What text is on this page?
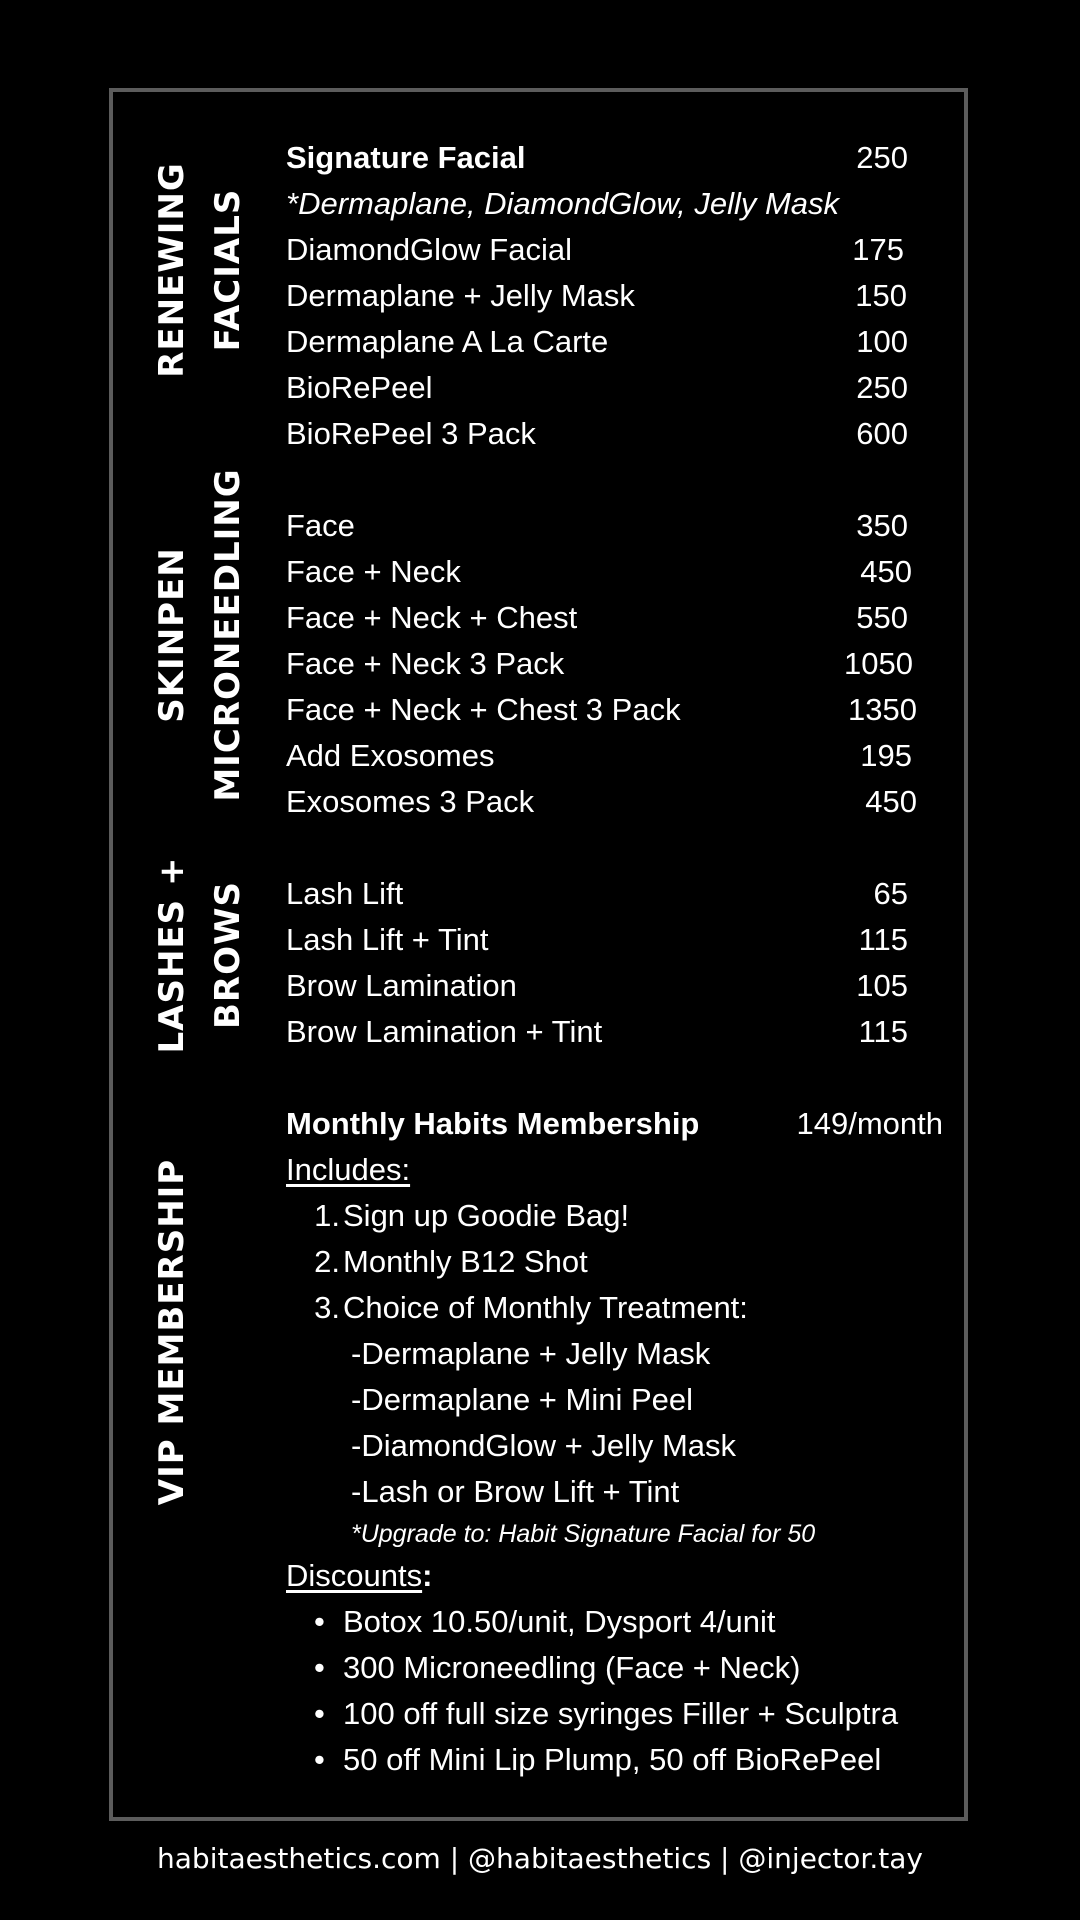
RENEWING FACIALS
SKINPEN MICRONEEDLING
LASHES + BROWS
VIP MEMBERSHIP
Signature Facial	250
*Dermaplane, DiamondGlow, Jelly Mask
DiamondGlow Facial	175
Dermaplane + Jelly Mask	150
Dermaplane A La Carte	100
BioRePeel	250
BioRePeel 3 Pack	600
Face	350
Face + Neck	450
Face + Neck + Chest	550
Face + Neck 3 Pack	1050
Face + Neck + Chest 3 Pack	1350
Add Exosomes	195
Exosomes 3 Pack	450
Lash Lift	65
Lash Lift + Tint	115
Brow Lamination	105
Brow Lamination + Tint	115
Monthly Habits Membership	149/month
Includes:
1. Sign up Goodie Bag!
2. Monthly B12 Shot
3. Choice of Monthly Treatment:
-Dermaplane + Jelly Mask
-Dermaplane + Mini Peel
-DiamondGlow + Jelly Mask
-Lash or Brow Lift + Tint
*Upgrade to: Habit Signature Facial for 50
Discounts:
• Botox 10.50/unit, Dysport 4/unit
• 300 Microneedling (Face + Neck)
• 100 off full size syringes Filler + Sculptra
• 50 off Mini Lip Plump, 50 off BioRePeel
habitaesthetics.com | @habitaesthetics | @injector.tay
